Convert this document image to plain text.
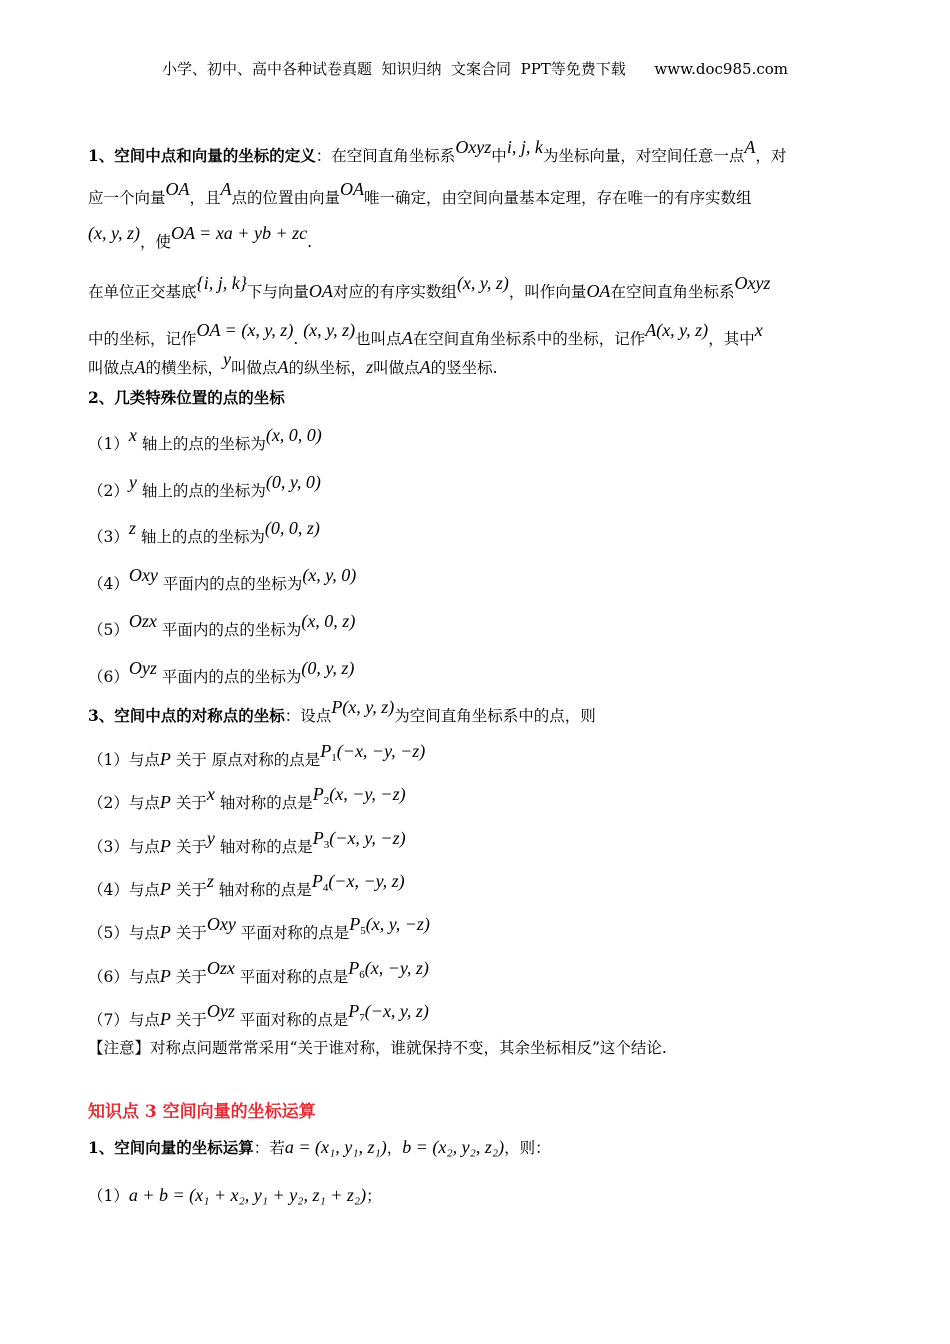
小学、初中、高中各种试卷真题  知识归纳  文案合同  PPT等免费下载      www.doc985.com
1、空间中点和向量的坐标的定义：在空间直角坐标系Oxyz中i, j, k为坐标向量，对空间任意一点A，对
应一个向量OA，且A点的位置由向量OA唯一确定，由空间向量基本定理，存在唯一的有序实数组
(x, y, z)，使OA = xa + yb + zc.
在单位正交基底{i, j, k}下与向量OA对应的有序实数组(x, y, z)，叫作向量OA在空间直角坐标系Oxyz
中的坐标，记作OA = (x, y, z). (x, y, z)也叫点A在空间直角坐标系中的坐标，记作A(x, y, z)，其中x
叫做点A的横坐标，y叫做点A的纵坐标，z叫做点A的竖坐标.
2、几类特殊位置的点的坐标
（1）x 轴上的点的坐标为(x, 0, 0)
（2）y 轴上的点的坐标为(0, y, 0)
（3）z 轴上的点的坐标为(0, 0, z)
（4）Oxy 平面内的点的坐标为(x, y, 0)
（5）Ozx 平面内的点的坐标为(x, 0, z)
（6）Oyz 平面内的点的坐标为(0, y, z)
3、空间中点的对称点的坐标：设点P(x, y, z)为空间直角坐标系中的点，则
（1）与点P 关于 原点对称的点是$P_1(-x$, −y, −z)
（2）与点P 关于x 轴对称的点是$P_2(x$, −y, −z)
（3）与点P 关于y 轴对称的点是$P_3(-x$, y, −z)
（4）与点P 关于z 轴对称的点是$P_4(-x$, −y, z)
（5）与点P 关于Oxy 平面对称的点是$P_5(x$, y, −z)
（6）与点P 关于Ozx 平面对称的点是$P_6(x$, −y, z)
（7）与点P 关于Oyz 平面对称的点是$P_7(-x$, y, z)
【注意】对称点问题常常采用“关于谁对称，谁就保持不变，其余坐标相反”这个结论.
知识点 3 空间向量的坐标运算
1、空间向量的坐标运算：若a = (x₁, y₁, z₁)，b = (x₂, y₂, z₂)，则：
（1）a + b = (x₁ + x₂, y₁ + y₂, z₁ + z₂)；
